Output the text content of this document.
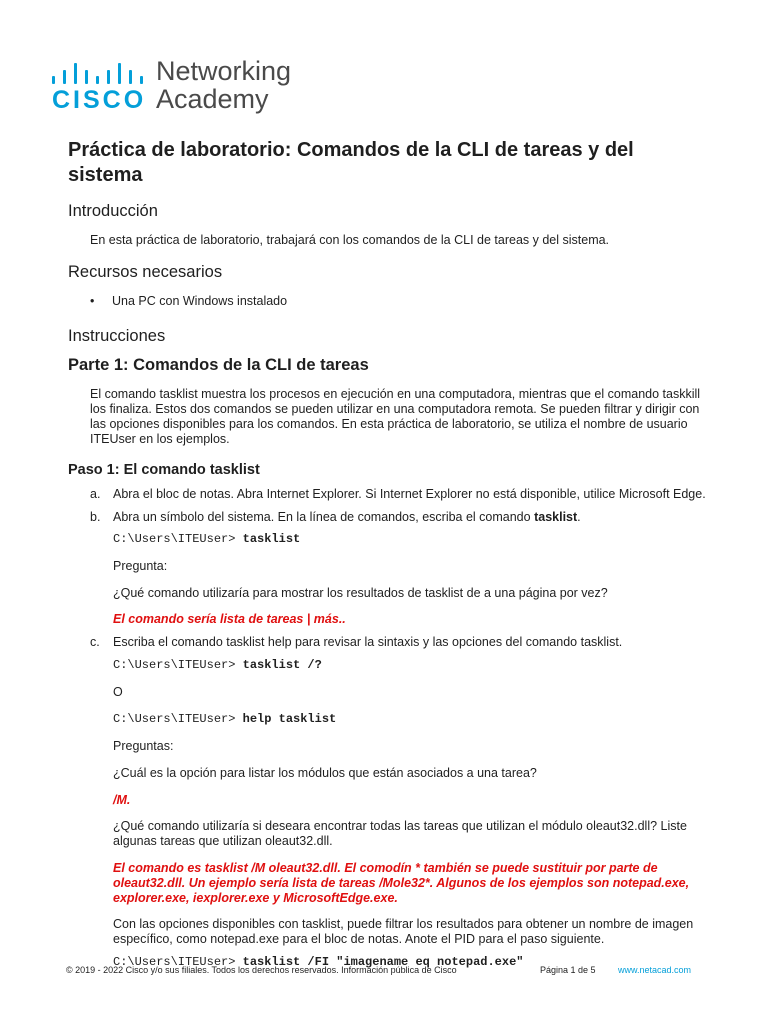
CISCO
Networking
Academy
Práctica de laboratorio: Comandos de la CLI de tareas y del sistema
Introducción

En esta práctica de laboratorio, trabajará con los comandos de la CLI de tareas y del sistema.

Recursos necesarios
• Una PC con Windows instalado
Instrucciones
Parte 1: Comandos de la CLI de tareas

El comando tasklist muestra los procesos en ejecución en una computadora, mientras que el comando taskkill los finaliza. Estos dos comandos se pueden utilizar en una computadora remota. Se pueden filtrar y dirigir con las opciones disponibles para los comandos. En esta práctica de laboratorio, se utiliza el nombre de usuario ITEUser en los ejemplos.

Paso 1: El comando tasklist
a. Abra el bloc de notas. Abra Internet Explorer. Si Internet Explorer no está disponible, utilice Microsoft Edge.
b. Abra un símbolo del sistema. En la línea de comandos, escriba el comando tasklist.
C:\Users\ITEUser> tasklist

Pregunta:

¿Qué comando utilizaría para mostrar los resultados de tasklist de a una página por vez?

El comando sería lista de tareas | más..

c. Escriba el comando tasklist help para revisar la sintaxis y las opciones del comando tasklist.
C:\Users\ITEUser> tasklist /?

O

C:\Users\ITEUser> help tasklist

Preguntas:

¿Cuál es la opción para listar los módulos que están asociados a una tarea?

/M.

¿Qué comando utilizaría si deseara encontrar todas las tareas que utilizan el módulo oleaut32.dll? Liste algunas tareas que utilizan oleaut32.dll.

El comando es tasklist /M oleaut32.dll. El comodín * también se puede sustituir por parte de oleaut32.dll. Un ejemplo sería lista de tareas /Mole32*. Algunos de los ejemplos son notepad.exe, explorer.exe, iexplorer.exe y MicrosoftEdge.exe.

Con las opciones disponibles con tasklist, puede filtrar los resultados para obtener un nombre de imagen específico, como notepad.exe para el bloc de notas. Anote el PID para el paso siguiente.

C:\Users\ITEUser> tasklist /FI "imagename eq notepad.exe"
© 2019 - 2022 Cisco y/o sus filiales. Todos los derechos reservados. Información pública de Cisco	Página 1 de 5 www.netacad.com
